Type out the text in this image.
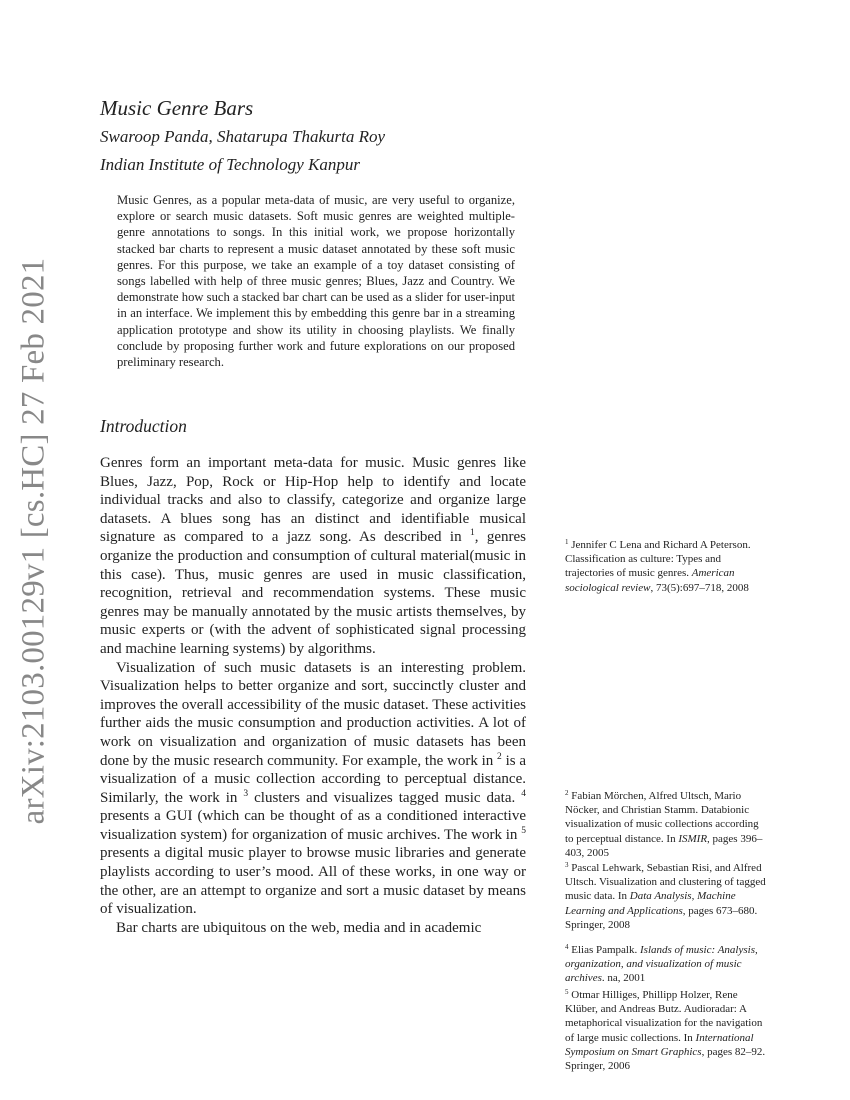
arXiv:2103.00129v1 [cs.HC] 27 Feb 2021
Music Genre Bars
Swaroop Panda, Shatarupa Thakurta Roy
Indian Institute of Technology Kanpur

Music Genres, as a popular meta-data of music, are very useful to organize, explore or search music datasets. Soft music genres are weighted multiple-genre annotations to songs. In this initial work, we propose horizontally stacked bar charts to represent a music dataset annotated by these soft music genres. For this purpose, we take an example of a toy dataset consisting of songs labelled with help of three music genres; Blues, Jazz and Country. We demonstrate how such a stacked bar chart can be used as a slider for user-input in an interface. We implement this by embedding this genre bar in a streaming application prototype and show its utility in choosing playlists. We finally conclude by proposing further work and future explorations on our proposed preliminary research.

Introduction

Genres form an important meta-data for music. Music genres like Blues, Jazz, Pop, Rock or Hip-Hop help to identify and locate individual tracks and also to classify, categorize and organize large datasets. A blues song has an distinct and identifiable musical signature as compared to a jazz song. As described in $^1$, genres organize the production and consumption of cultural material(music in this case). Thus, music genres are used in music classification, recognition, retrieval and recommendation systems. These music genres may be manually annotated by the music artists themselves, by music experts or (with the advent of sophisticated signal processing and machine learning systems) by algorithms.

Visualization of such music datasets is an interesting problem. Visualization helps to better organize and sort, succinctly cluster and improves the overall accessibility of the music dataset. These activities further aids the music consumption and production activities. A lot of work on visualization and organization of music datasets has been done by the music research community. For example, the work in $^2$ is a visualization of a music collection according to perceptual distance. Similarly, the work in $^3$ clusters and visualizes tagged music data. $^4$ presents a GUI (which can be thought of as a conditioned interactive visualization system) for organization of music archives. The work in $^5$ presents a digital music player to browse music libraries and generate playlists according to user’s mood. All of these works, in one way or the other, are an attempt to organize and sort a music dataset by means of visualization.

Bar charts are ubiquitous on the web, media and in academic

$^1$ Jennifer C Lena and Richard A Peterson. Classification as culture: Types and trajectories of music genres. American sociological review, 73(5):697–718, 2008

$^2$ Fabian Mörchen, Alfred Ultsch, Mario Nöcker, and Christian Stamm. Databionic visualization of music collections according to perceptual distance. In ISMIR, pages 396–403, 2005

$^3$ Pascal Lehwark, Sebastian Risi, and Alfred Ultsch. Visualization and clustering of tagged music data. In Data Analysis, Machine Learning and Applications, pages 673–680. Springer, 2008

$^4$ Elias Pampalk. Islands of music: Analysis, organization, and visualization of music archives. na, 2001

$^5$ Otmar Hilliges, Phillipp Holzer, Rene Klüber, and Andreas Butz. Audioradar: A metaphorical visualization for the navigation of large music collections. In International Symposium on Smart Graphics, pages 82–92. Springer, 2006
